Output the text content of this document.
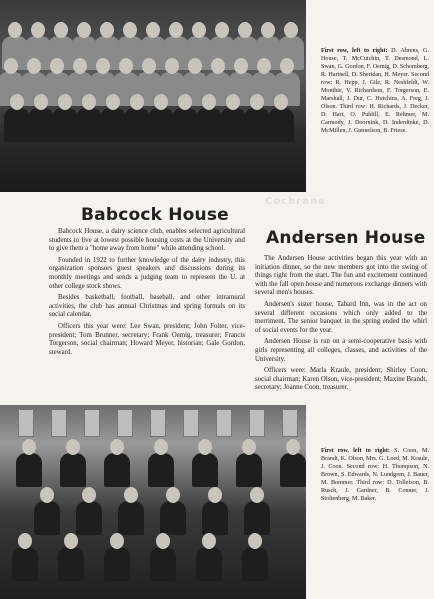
Cochrane
First row, left to right: D. Ahrens, G. House, T. McCutchin, T. Desmond, L. Swan, G. Gordon, F. Oemig, D. Schomberg, R. Hartnell, D. Sheridan, H. Meyer. Second row: R. Hepp, J. Gile, R. Neshfeldt, W. Monthie, V. Richardson, F. Torgerson, E. Marshall, J. Dur, C. Hutchins, A. Freg, J. Olson. Third row: H. Richards, J. Decker, D. Hart, O. Puhlill, E. Rehmer, M. Carmody, J. Doornink, D. Inderdinke, D. McMillen, J. Gunnelson, B. Friese.
Babcock House

Babcock House, a dairy science club, enables selected agricultural students to live at lowest possible housing costs at the University and to give them a "home away from home" while attending school.

Founded in 1922 to further knowledge of the dairy industry, this organization sponsors guest speakers and discussions during its monthly meetings and sends a judging team to represent the U. at other college stock shows.

Besides basketball, football, baseball, and other intramural activities, the club has annual Christmas and spring formals on its social calendar.

Officers this year were: Lee Swan, president; John Folter, vice-president; Tom Brunner, secretary; Frank Oemig, treasurer; Francis Torgerson, social chairman; Howard Meyer, historian; Gale Gordon, steward.

Andersen House

The Andersen House activities began this year with an initiation dinner, so the new members got into the swing of things right from the start. The fun and excitement continued with the fall open house and numerous exchange dinners with several men's houses.

Andersen's sister house, Tabard Inn, was in the act on several different occasions which only added to the merriment. The senior banquet in the spring ended the whirl of social events for the year.

Andersen House is run on a semi-cooperative basis with girls representing all colleges, classes, and activities of the University.

Officers were: Marla Kraule, president; Shirley Coon, social chairman; Karen Olson, vice-president; Maxine Brandt, secretary; Joanne Coon, treasurer.

First row, left to right: S. Coon, M. Brandt, K. Olson, Mrs. G. Loed, M. Kraule, J. Coon. Second row: H. Thompson, N. Brown, S. Edwards, N. Lundgren, J. Bauer, M. Bommer. Third row: D. Tollefson, B. Rusch, J. Gardner, B. Conner, J. Stoltenberg, M. Baker.
